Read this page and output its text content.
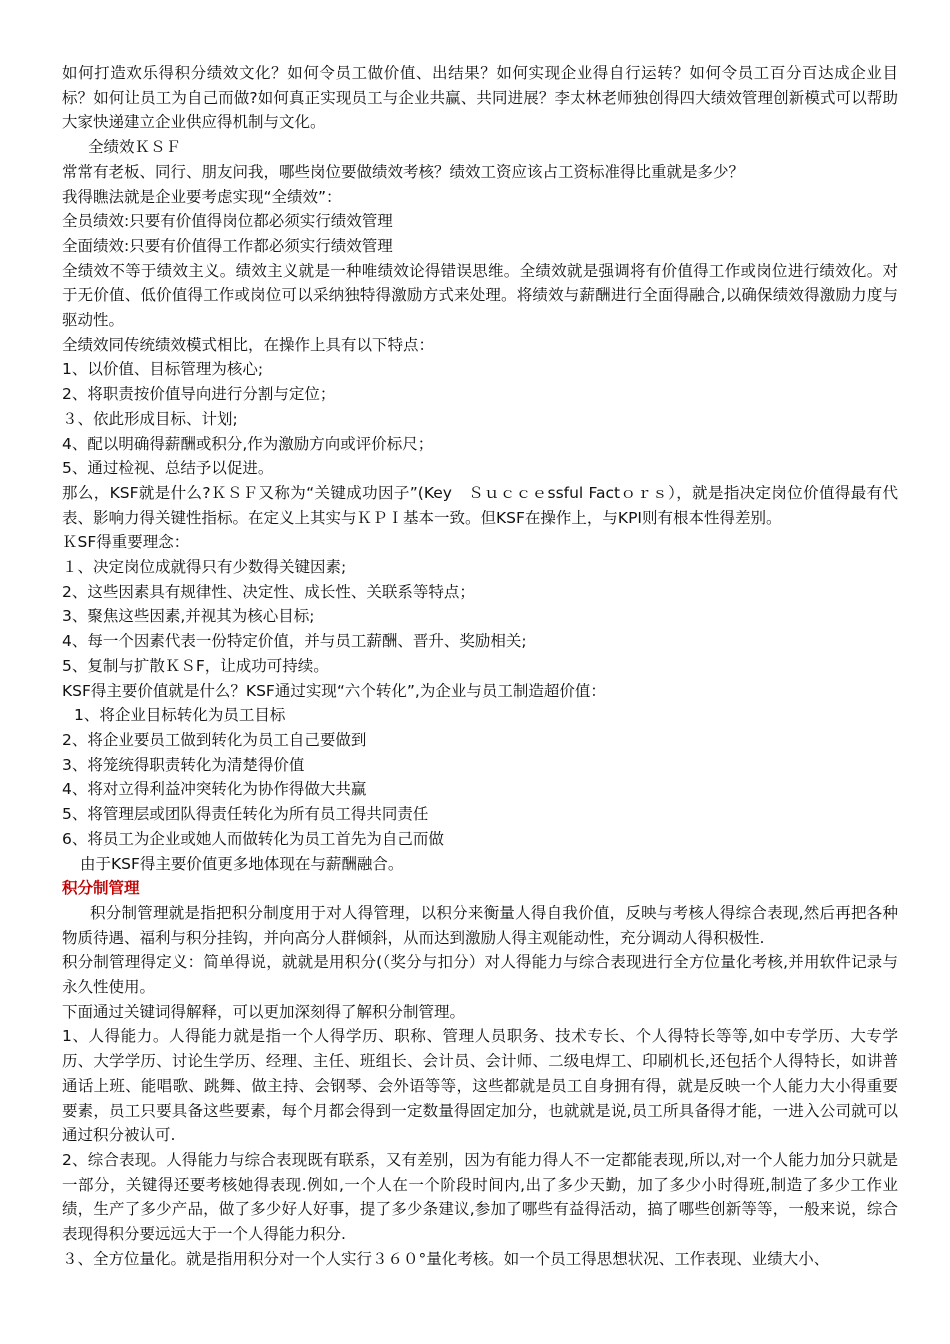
如何打造欢乐得积分绩效文化？如何令员工做价值、出结果？如何实现企业得自行运转？如何令员工百分百达成企业目标？如何让员工为自己而做?如何真正实现员工与企业共赢、共同进展？李太林老师独创得四大绩效管理创新模式可以帮助大家快递建立企业供应得机制与文化。

全绩效ＫＳＦ

常常有老板、同行、朋友问我，哪些岗位要做绩效考核？绩效工资应该占工资标准得比重就是多少？

我得瞧法就是企业要考虑实现“全绩效”：

全员绩效:只要有价值得岗位都必须实行绩效管理

全面绩效:只要有价值得工作都必须实行绩效管理

全绩效不等于绩效主义。绩效主义就是一种唯绩效论得错误思维。全绩效就是强调将有价值得工作或岗位进行绩效化。对于无价值、低价值得工作或岗位可以采纳独特得激励方式来处理。将绩效与薪酬进行全面得融合,以确保绩效得激励力度与驱动性。

全绩效同传统绩效模式相比，在操作上具有以下特点：

1、以价值、目标管理为核心;

2、将职责按价值导向进行分割与定位；

３、依此形成目标、计划;

4、配以明确得薪酬或积分,作为激励方向或评价标尺；

5、通过检视、总结予以促进。

那么，KSF就是什么?ＫＳＦ又称为“关键成功因子”(Key　Ｓｕｃｃｅssful Factｏｒｓ），就是指决定岗位价值得最有代表、影响力得关键性指标。在定义上其实与ＫＰＩ基本一致。但KSF在操作上，与KPI则有根本性得差别。

ＫSF得重要理念：

１、决定岗位成就得只有少数得关键因素;

2、这些因素具有规律性、决定性、成长性、关联系等特点；

3、聚焦这些因素,并视其为核心目标;

4、每一个因素代表一份特定价值，并与员工薪酬、晋升、奖励相关;

5、复制与扩散ＫＳF，让成功可持续。

KSF得主要价值就是什么？KSF通过实现“六个转化”,为企业与员工制造超价值：

1、将企业目标转化为员工目标

2、将企业要员工做到转化为员工自己要做到

3、将笼统得职责转化为清楚得价值

4、将对立得利益冲突转化为协作得做大共赢

5、将管理层或团队得责任转化为所有员工得共同责任

6、将员工为企业或她人而做转化为员工首先为自己而做

由于KSF得主要价值更多地体现在与薪酬融合。

积分制管理

积分制管理就是指把积分制度用于对人得管理，以积分来衡量人得自我价值，反映与考核人得综合表现,然后再把各种物质待遇、福利与积分挂钩，并向高分人群倾斜，从而达到激励人得主观能动性，充分调动人得积极性.

积分制管理得定义：简单得说，就就是用积分(（奖分与扣分）对人得能力与综合表现进行全方位量化考核,并用软件记录与永久性使用。

下面通过关键词得解释，可以更加深刻得了解积分制管理。

1、人得能力。人得能力就是指一个人得学历、职称、管理人员职务、技术专长、个人得特长等等,如中专学历、大专学历、大学学历、讨论生学历、经理、主任、班组长、会计员、会计师、二级电焊工、印刷机长,还包括个人得特长，如讲普通话上班、能唱歌、跳舞、做主持、会钢琴、会外语等等，这些都就是员工自身拥有得，就是反映一个人能力大小得重要要素，员工只要具备这些要素，每个月都会得到一定数量得固定加分，也就就是说,员工所具备得才能，一进入公司就可以通过积分被认可.

2、综合表现。人得能力与综合表现既有联系，又有差别，因为有能力得人不一定都能表现,所以,对一个人能力加分只就是一部分，关键得还要考核她得表现.例如,一个人在一个阶段时间内,出了多少天勤，加了多少小时得班,制造了多少工作业绩，生产了多少产品，做了多少好人好事，提了多少条建议,参加了哪些有益得活动，搞了哪些创新等等，一般来说，综合表现得积分要远远大于一个人得能力积分.

３、全方位量化。就是指用积分对一个人实行３６０°量化考核。如一个员工得思想状况、工作表现、业绩大小、
